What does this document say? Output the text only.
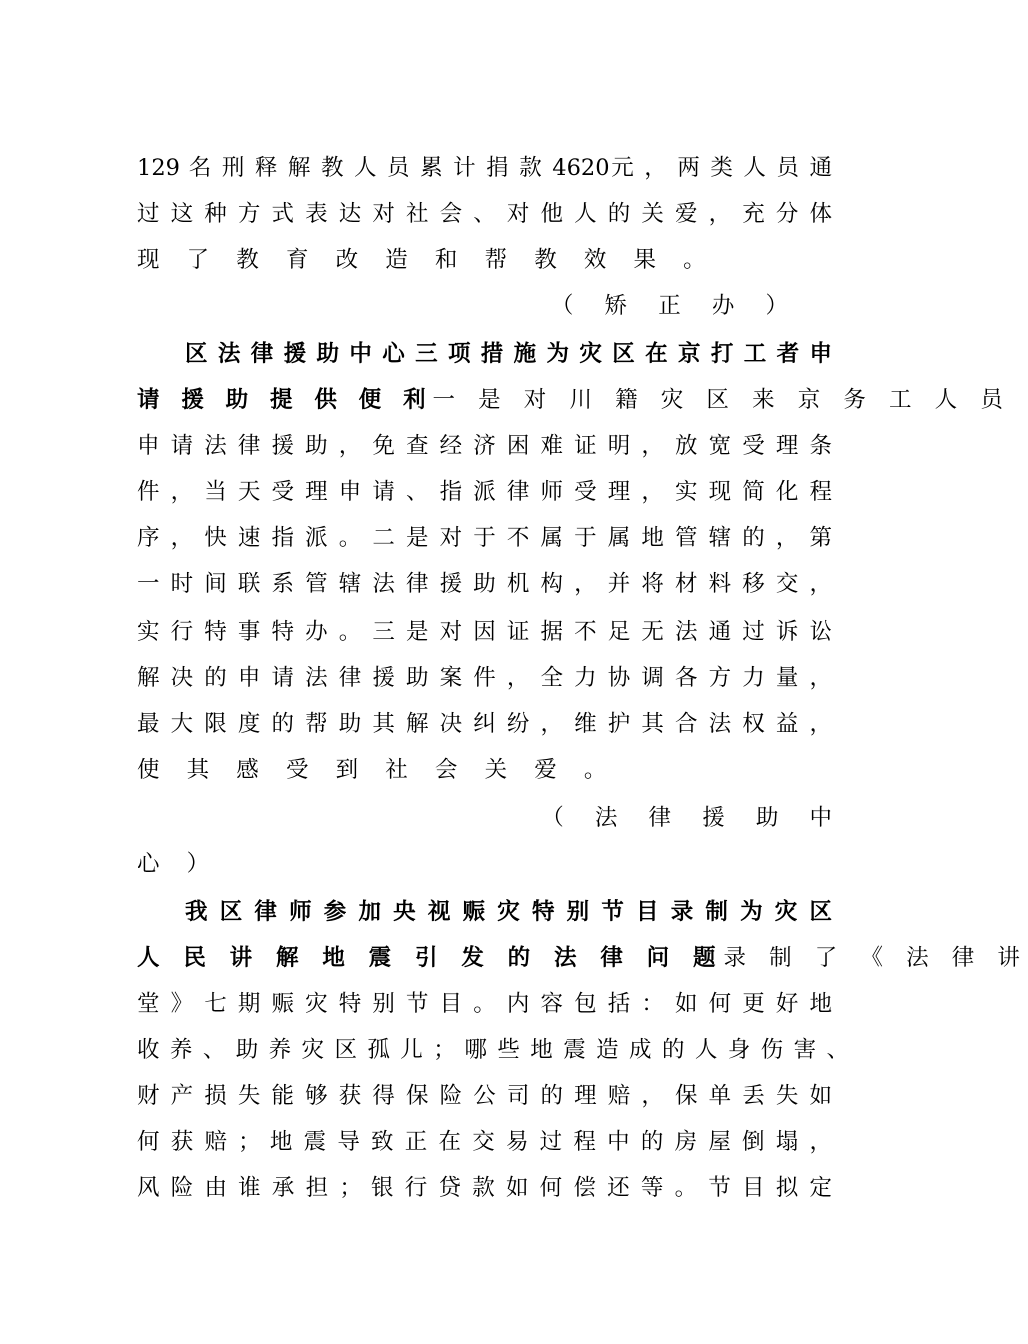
129 名 刑 释 解 教 人 员 累 计 捐 款 4620元 ， 两 类 人 员 通
过 这 种 方 式 表 达 对 社 会 、 对 他 人 的 关 爱 ， 充 分 体
现 了 教 育 改 造 和 帮 教 效 果 。
（ 矫 正 办 ）
区 法 律 援 助 中 心 三 项 措 施 为 灾 区 在 京 打 工 者 申
请 援 助 提 供 便 利 一 是 对 川 籍 灾 区 来 京 务 工 人 员
申 请 法 律 援 助 ， 免 查 经 济 困 难 证 明 ， 放 宽 受 理 条
件 ， 当 天 受 理 申 请 、 指 派 律 师 受 理 ， 实 现 简 化 程
序 ， 快 速 指 派 。 二 是 对 于 不 属 于 属 地 管 辖 的 ， 第
一 时 间 联 系 管 辖 法 律 援 助 机 构 ， 并 将 材 料 移 交 ，
实 行 特 事 特 办 。 三 是 对 因 证 据 不 足 无 法 通 过 诉 讼
解 决 的 申 请 法 律 援 助 案 件 ， 全 力 协 调 各 方 力 量 ，
最 大 限 度 的 帮 助 其 解 决 纠 纷 ， 维 护 其 合 法 权 益 ，
使 其 感 受 到 社 会 关 爱 。
（ 法 律 援 助 中
心 ）
我 区 律 师 参 加 央 视 赈 灾 特 别 节 目 录 制 为 灾 区
人 民 讲 解 地 震 引 发 的 法 律 问 题 录 制 了 《 法 律 讲
堂 》 七 期 赈 灾 特 别 节 目 。 内 容 包 括 ： 如 何 更 好 地
收 养 、 助 养 灾 区 孤 儿 ； 哪 些 地 震 造 成 的 人 身 伤 害 、
财 产 损 失 能 够 获 得 保 险 公 司 的 理 赔 ， 保 单 丢 失 如
何 获 赔 ； 地 震 导 致 正 在 交 易 过 程 中 的 房 屋 倒 塌 ，
风 险 由 谁 承 担 ； 银 行 贷 款 如 何 偿 还 等 。 节 目 拟 定
